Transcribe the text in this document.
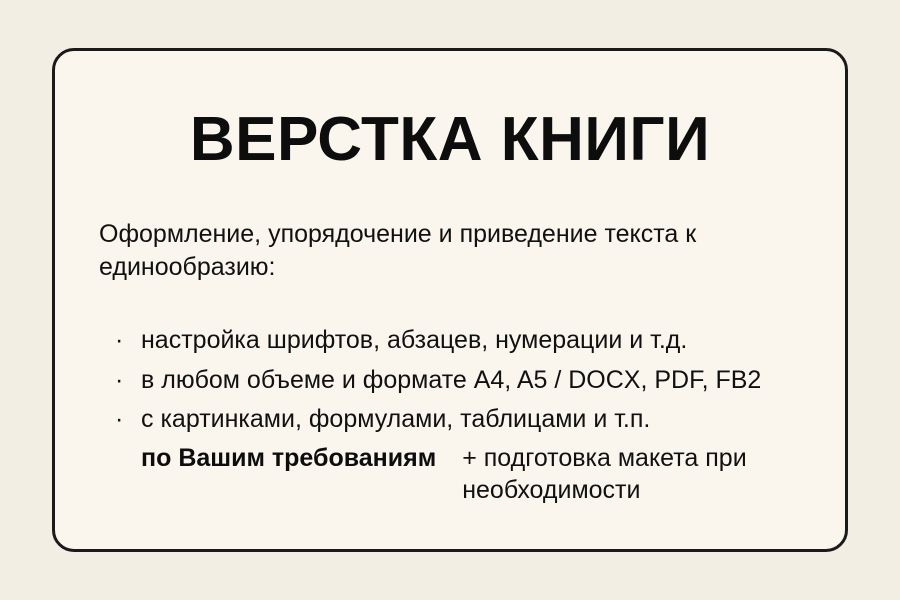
ВЕРСТКА КНИГИ

Оформление, упорядочение и приведение текста к единообразию:

· настройка шрифтов, абзацев, нумерации и т.д.
· в любом объеме и формате A4, A5 / DOCX, PDF, FB2
· с картинками, формулами, таблицами и т.п.
по Вашим требованиям + подготовка макета при необходимости
